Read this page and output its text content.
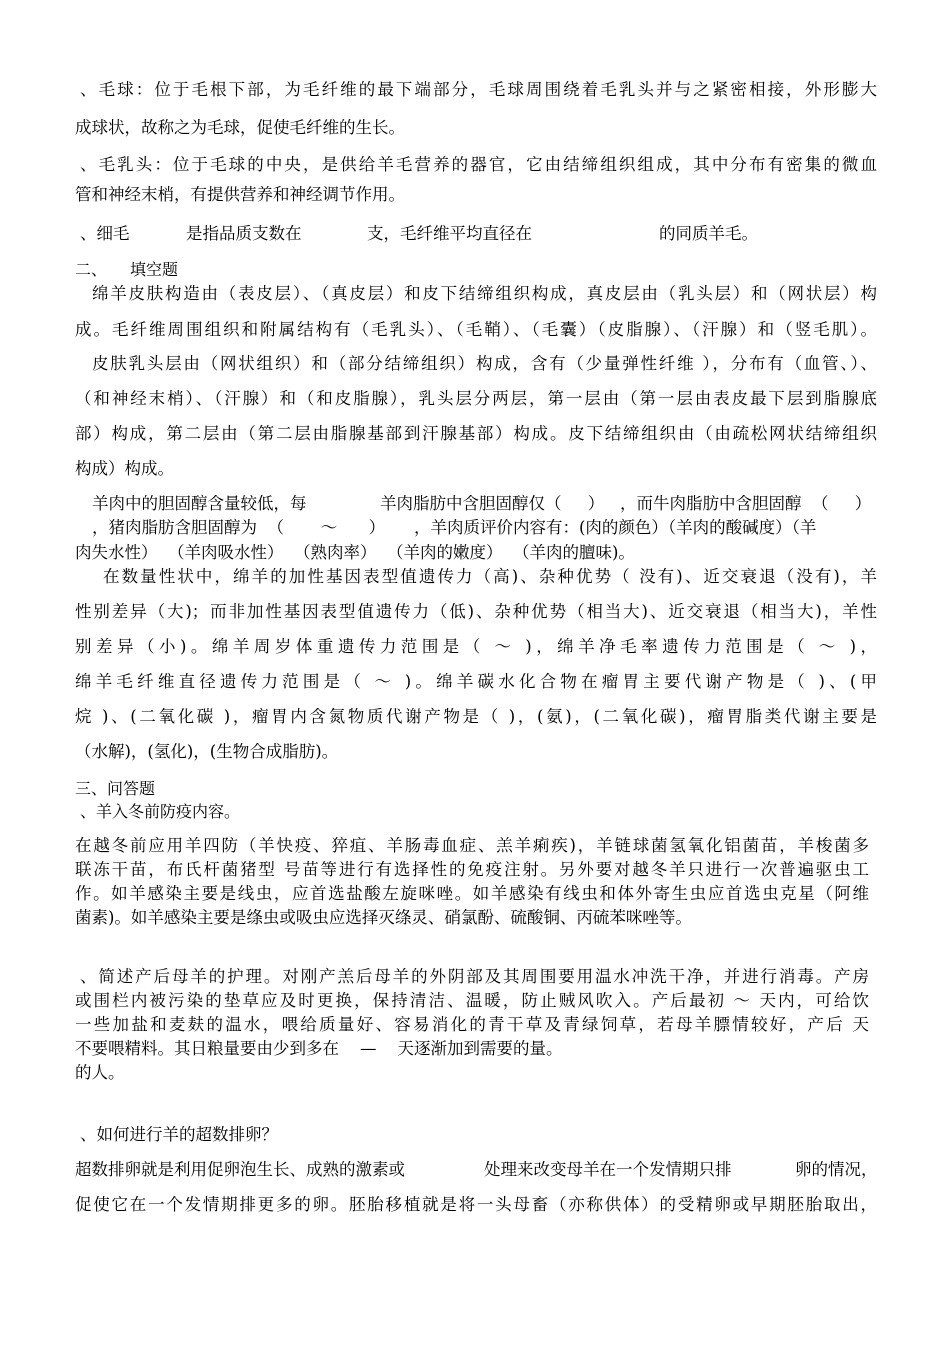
、毛球：位于毛根下部，为毛纤维的最下端部分，毛球周围绕着毛乳头并与之紧密相接，外形膨大
成球状，故称之为毛球，促使毛纤维的生长。
、毛乳头：位于毛球的中央，是供给羊毛营养的器官，它由结缔组织组成，其中分布有密集的微血
管和神经末梢，有提供营养和神经调节作用。
、细毛	是指品质支数在	支，毛纤维平均直径在	的同质羊毛。
二、 填空题
绵羊皮肤构造由（表皮层）、（真皮层）和皮下结缔组织构成，真皮层由（乳头层）和（网状层）构
成。毛纤维周围组织和附属结构有（毛乳头）、（毛鞘）、（毛囊）（皮脂腺）、（汗腺）和（竖毛肌）。
皮肤乳头层由（网状组织）和（部分结缔组织）构成，含有（少量弹性纤维 ），分布有（血管、）、
（和神经末梢）、（汗腺）和（和皮脂腺），乳头层分两层，第一层由（第一层由表皮最下层到脂腺底
部）构成，第二层由（第二层由脂腺基部到汗腺基部）构成。皮下结缔组织由（由疏松网状结缔组织
构成）构成。
羊肉中的胆固醇含量较低，每	羊肉脂肪中含胆固醇仅（     ） ，而牛肉脂肪中含胆固醇  （     ）
，猪肉脂肪含胆固醇为  （       ～      ） ，羊肉质评价内容有：(肉的颜色）（羊肉的酸碱度）（羊
肉失水性）  （羊肉吸水性）  （熟肉率）  （羊肉的嫩度）  （羊肉的膻味)。
在数量性状中，绵羊的加性基因表型值遗传力（高)、杂种优势（ 没有)、近交衰退（没有)，羊
性别差异（大)；而非加性基因表型值遗传力（低)、杂种优势（相当大)、近交衰退（相当大)，羊性
别差异（小)。绵羊周岁体重遗传力范围是（ ～ )，绵羊净毛率遗传力范围是（ ～ )，
绵羊毛纤维直径遗传力范围是（ ～ )。绵羊碳水化合物在瘤胃主要代谢产物是（ )、(甲
烷 )、(二氧化碳 )，瘤胃内含氮物质代谢产物是（ )，(氨)，(二氧化碳)，瘤胃脂类代谢主要是
（水解)，(氢化)，(生物合成脂肪)。
三、问答题
、羊入冬前防疫内容。
在越冬前应用羊四防（羊快疫、猝疽、羊肠毒血症、羔羊痢疾)，羊链球菌氢氧化铝菌苗，羊梭菌多
联冻干苗，布氏杆菌猪型 号苗等进行有选择性的免疫注射。另外要对越冬羊只进行一次普遍驱虫工
作。如羊感染主要是线虫，应首选盐酸左旋咪唑。如羊感染有线虫和体外寄生虫应首选虫克星（阿维
菌素)。如羊感染主要是绦虫或吸虫应选择灭绦灵、硝氯酚、硫酸铜、丙硫苯咪唑等。
、简述产后母羊的护理。对刚产羔后母羊的外阴部及其周围要用温水冲洗干净，并进行消毒。产房
或围栏内被污染的垫草应及时更换，保持清洁、温暖，防止贼风吹入。产后最初 ～ 天内，可给饮
一些加盐和麦麸的温水，喂给质量好、容易消化的青干草及青绿饲草，若母羊膘情较好，产后 天
不要喂精料。其日粮量要由少到多在    —    天逐渐加到需要的量。
的人。
、如何进行羊的超数排卵？
超数排卵就是利用促卵泡生长、成熟的激素或	处理来改变母羊在一个发情期只排	卵的情况，
促使它在一个发情期排更多的卵。胚胎移植就是将一头母畜（亦称供体）的受精卵或早期胚胎取出，
